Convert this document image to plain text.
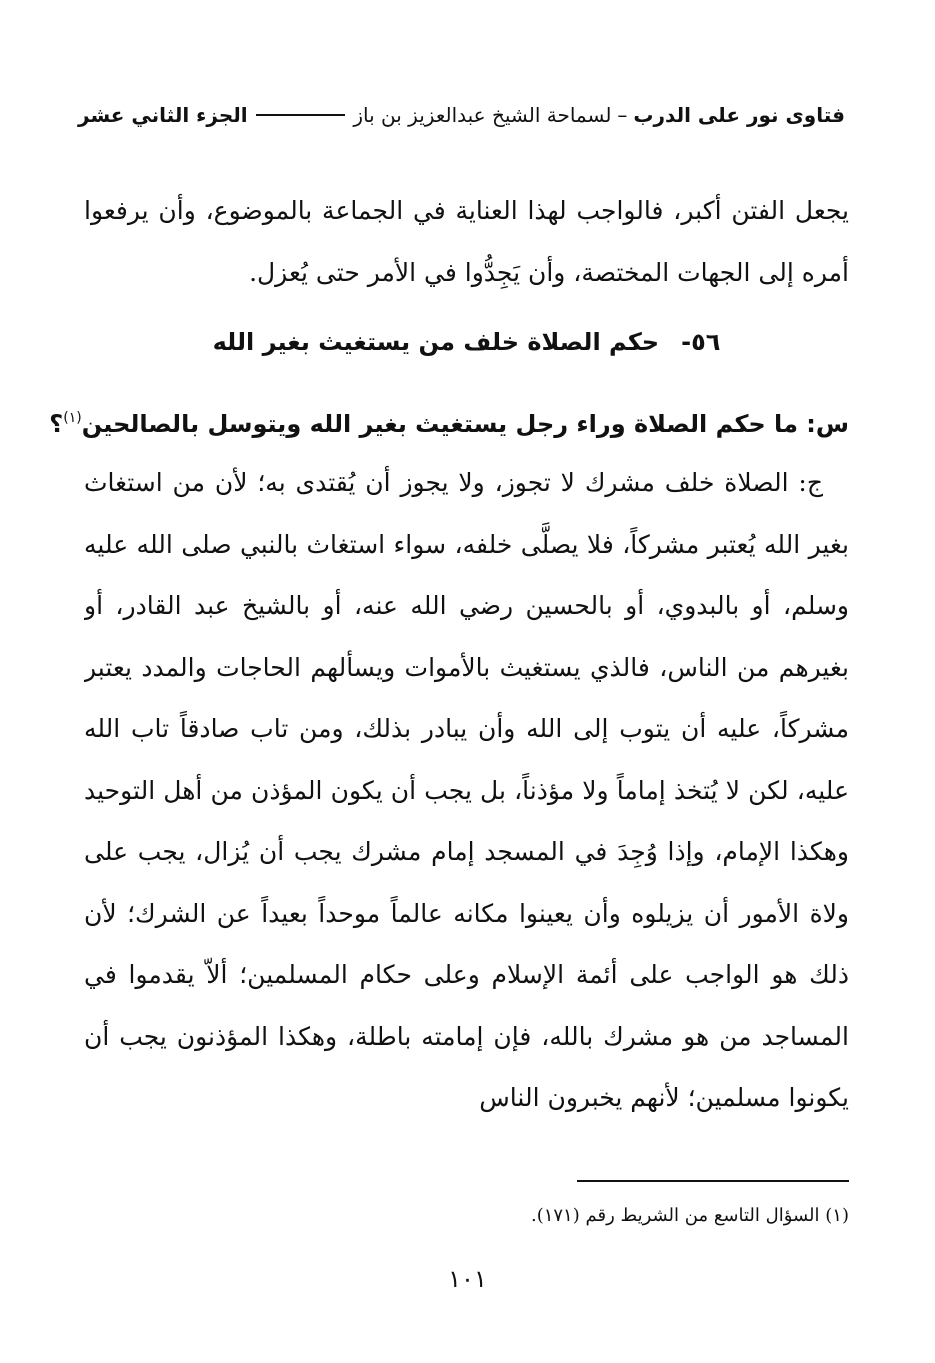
فتاوى نور على الدرب
–
لسماحة الشيخ عبدالعزيز بن باز
الجزء الثاني عشر
يجعل الفتن أكبر، فالواجب لهذا العناية في الجماعة بالموضوع، وأن يرفعوا أمره إلى الجهات المختصة، وأن يَجِدُّوا في الأمر حتى يُعزل.
٥٦-حكم الصلاة خلف من يستغيث بغير الله
س: ما حكم الصلاة وراء رجل يستغيث بغير الله ويتوسل بالصالحين$^{(١)}$؟
ج: الصلاة خلف مشرك لا تجوز، ولا يجوز أن يُقتدى به؛ لأن من استغاث بغير الله يُعتبر مشركاً، فلا يصلَّى خلفه، سواء استغاث بالنبي صلى الله عليه وسلم، أو بالبدوي، أو بالحسين رضي الله عنه، أو بالشيخ عبد القادر، أو بغيرهم من الناس، فالذي يستغيث بالأموات ويسألهم الحاجات والمدد يعتبر مشركاً، عليه أن يتوب إلى الله وأن يبادر بذلك، ومن تاب صادقاً تاب الله عليه، لكن لا يُتخذ إماماً ولا مؤذناً، بل يجب أن يكون المؤذن من أهل التوحيد وهكذا الإمام، وإذا وُجِدَ في المسجد إمام مشرك يجب أن يُزال، يجب على ولاة الأمور أن يزيلوه وأن يعينوا مكانه عالماً موحداً بعيداً عن الشرك؛ لأن ذلك هو الواجب على أئمة الإسلام وعلى حكام المسلمين؛ ألاّ يقدموا في المساجد من هو مشرك بالله، فإن إمامته باطلة، وهكذا المؤذنون يجب أن يكونوا مسلمين؛ لأنهم يخبرون الناس
(١) السؤال التاسع من الشريط رقم (١٧١).
١٠١
